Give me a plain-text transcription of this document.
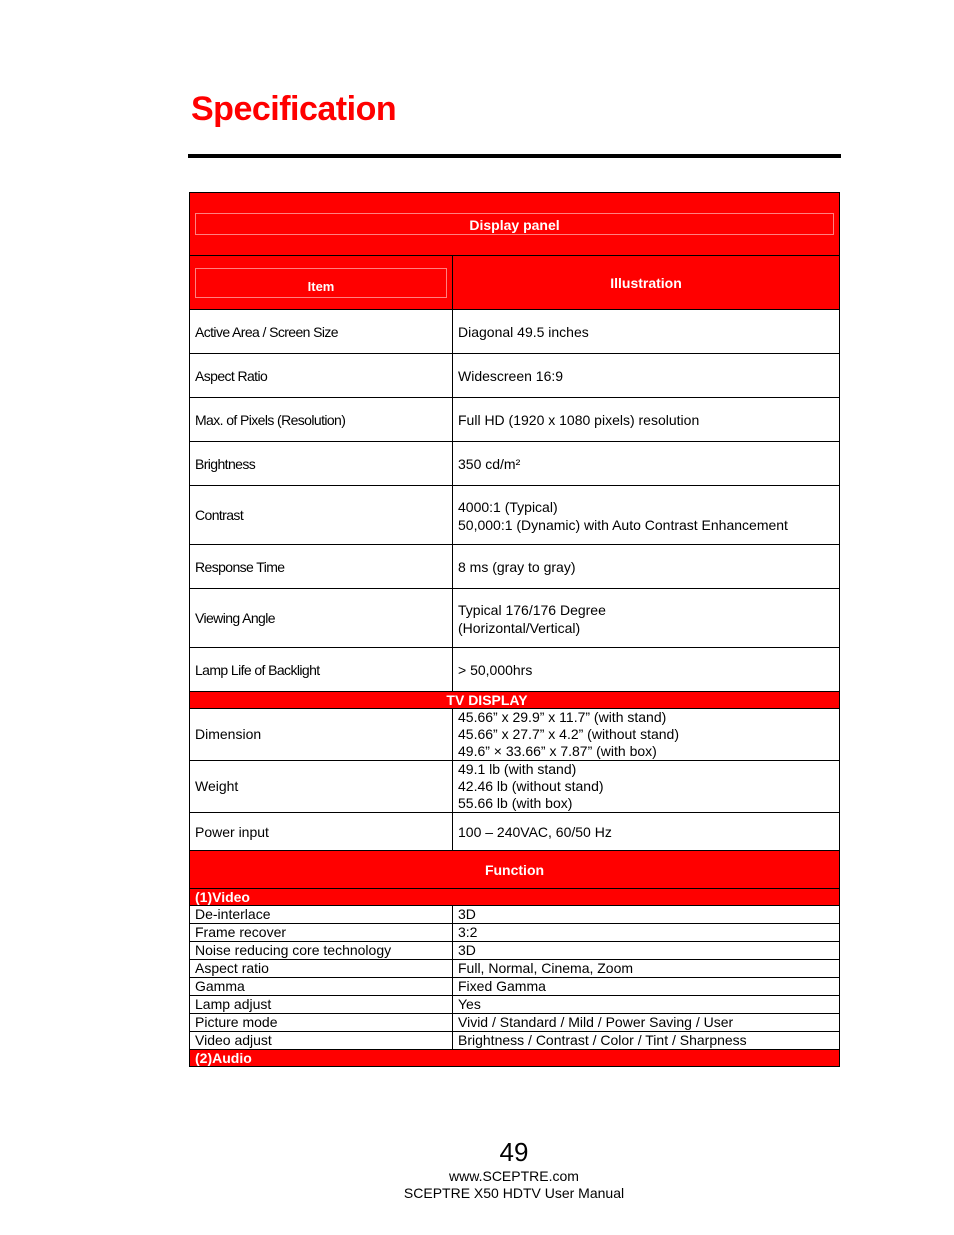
Specification
Display panel	

Item	Illustration
Active Area / Screen Size	Diagonal 49.5 inches
Aspect Ratio	Widescreen 16:9
Max. of Pixels (Resolution)	Full HD (1920 x 1080 pixels) resolution
Brightness	350 cd/m²
Contrast	4000:1 (Typical)
50,000:1 (Dynamic) with Auto Contrast Enhancement

Response Time	8 ms (gray to gray)
Viewing Angle	Typical 176/176 Degree
(Horizontal/Vertical)

Lamp Life of Backlight	> 50,000hrs
TV DISPLAY	
Dimension	45.66” x 29.9” x 11.7” (with stand)
45.66” x 27.7” x 4.2” (without stand)
49.6” × 33.66” x 7.87” (with box)

Weight	49.1 lb (with stand)
42.46 lb (without stand)
55.66 lb (with box)

Power input	100 – 240VAC, 60/50 Hz
Function	
(1)Video	
De-interlace	3D
Frame recover	3:2
Noise reducing core technology	3D
Aspect ratio	Full, Normal, Cinema, Zoom
Gamma	Fixed Gamma
Lamp adjust	Yes
Picture mode	Vivid / Standard / Mild / Power Saving / User
Video adjust	Brightness / Contrast / Color / Tint / Sharpness
(2)Audio	
49
www.SCEPTRE.com
SCEPTRE X50 HDTV User Manual
